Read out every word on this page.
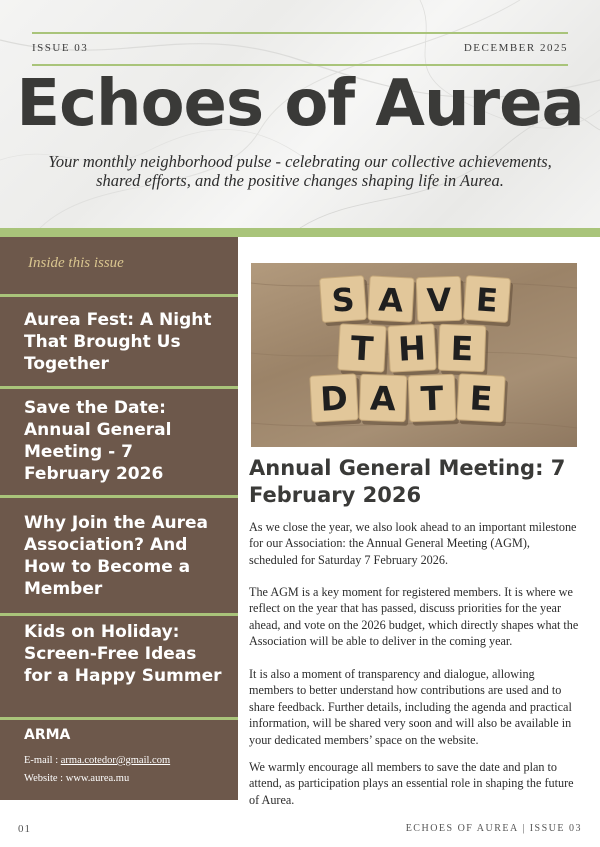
ISSUE 03	DECEMBER 2025
Echoes of Aurea
Your monthly neighborhood pulse - celebrating our collective achievements, shared efforts, and the positive changes shaping life in Aurea.
Inside this issue
Aurea Fest: A Night That Brought Us Together
Save the Date: Annual General Meeting - 7 February 2026
Why Join the Aurea Association? And How to Become a Member
Kids on Holiday: Screen-Free Ideas for a Happy Summer
ARMA
E-mail : arma.cotedor@gmail.com
Website : www.aurea.mu
S A V E
T H E
D A T E
Annual General Meeting: 7 February 2026
As we close the year, we also look ahead to an important milestone for our Association: the Annual General Meeting (AGM), scheduled for Saturday 7 February 2026.
The AGM is a key moment for registered members. It is where we reflect on the year that has passed, discuss priorities for the year ahead, and vote on the 2026 budget, which directly shapes what the Association will be able to deliver in the coming year.
It is also a moment of transparency and dialogue, allowing members to better understand how contributions are used and to share feedback. Further details, including the agenda and practical information, will be shared very soon and will also be available in your dedicated members’ space on the website.
We warmly encourage all members to save the date and plan to attend, as participation plays an essential role in shaping the future of Aurea.
01	ECHOES OF AUREA | ISSUE 03
